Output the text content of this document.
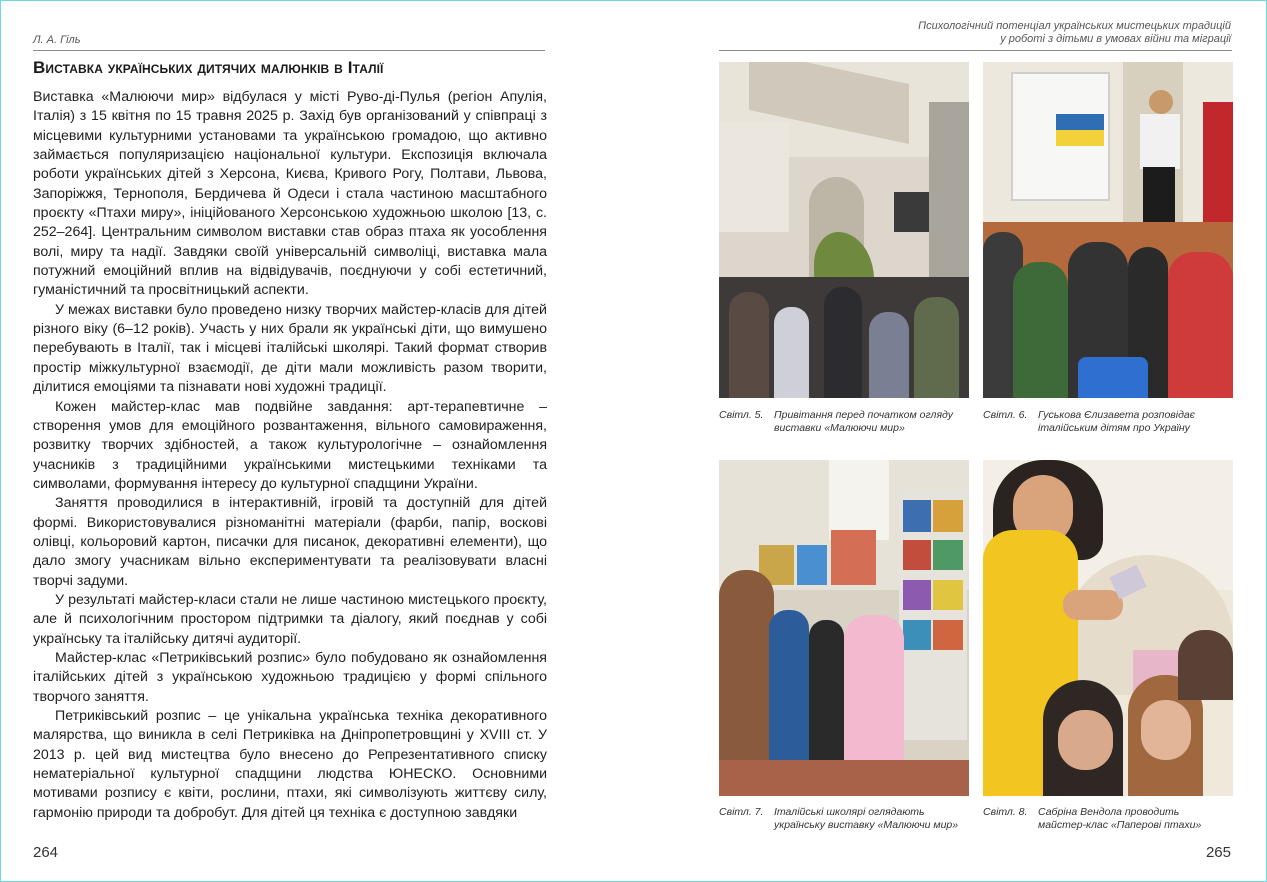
Л. А. Гіль
Виставка українських дитячих малюнків в Італії

Виставка «Малюючи мир» відбулася у місті Руво-ді-Пулья (регіон Апулія, Італія) з 15 квітня по 15 травня 2025 р. Захід був організований у співпраці з місцевими культурними установами та українською громадою, що активно займається популяризацією національної культури. Експозиція включала роботи українських дітей з Херсона, Києва, Кривого Рогу, Полтави, Львова, Запоріжжя, Тернополя, Бердичева й Одеси і стала частиною масштабного проєкту «Птахи миру», ініційованого Херсонською художньою школою [13, с. 252–264]. Центральним символом виставки став образ птаха як уособлення волі, миру та надії. Завдяки своїй універсальній символіці, виставка мала потужний емоційний вплив на відвідувачів, поєднуючи у собі естетичний, гуманістичний та просвітницький аспекти.

У межах виставки було проведено низку творчих майстер-класів для дітей різного віку (6–12 років). Участь у них брали як українські діти, що вимушено перебувають в Італії, так і місцеві італійські школярі. Такий формат створив простір міжкультурної взаємодії, де діти мали можливість разом творити, ділитися емоціями та пізнавати нові художні традиції.

Кожен майстер-клас мав подвійне завдання: арт-терапевтичне – створення умов для емоційного розвантаження, вільного самовираження, розвитку творчих здібностей, а також культурологічне – ознайомлення учасників з традиційними українськими мистецькими техніками та символами, формування інтересу до культурної спадщини України.

Заняття проводилися в інтерактивній, ігровій та доступній для дітей формі. Використовувалися різноманітні матеріали (фарби, папір, воскові олівці, кольоровий картон, писачки для писанок, декоративні елементи), що дало змогу учасникам вільно експериментувати та реалізовувати власні творчі задуми.

У результаті майстер-класи стали не лише частиною мистецького проєкту, але й психологічним простором підтримки та діалогу, який поєднав у собі українську та італійську дитячі аудиторії.

Майстер-клас «Петриківський розпис» було побудовано як ознайомлення італійських дітей з українською художньою традицією у формі спільного творчого заняття.

Петриківський розпис – це унікальна українська техніка декоративного малярства, що виникла в селі Петриківка на Дніпропетровщині у XVIII ст. У 2013 р. цей вид мистецтва було внесено до Репрезентативного списку нематеріальної культурної спадщини людства ЮНЕСКО. Основними мотивами розпису є квіти, рослини, птахи, які символізують життєву силу, гармонію природи та добробут. Для дітей ця техніка є доступною завдяки

264
Психологічний потенціал українських мистецьких традицій
у роботі з дітьми в умовах війни та міграції
Світл. 5. Привітання перед початком огляду виставки «Малюючи мир»
Світл. 6. Гуськова Єлизавета розповідає італійським дітям про Україну
Світл. 7. Італійські школярі оглядають українську виставку «Малюючи мир»
Світл. 8. Сабріна Вендола проводить майстер-клас «Паперові птахи»
265
